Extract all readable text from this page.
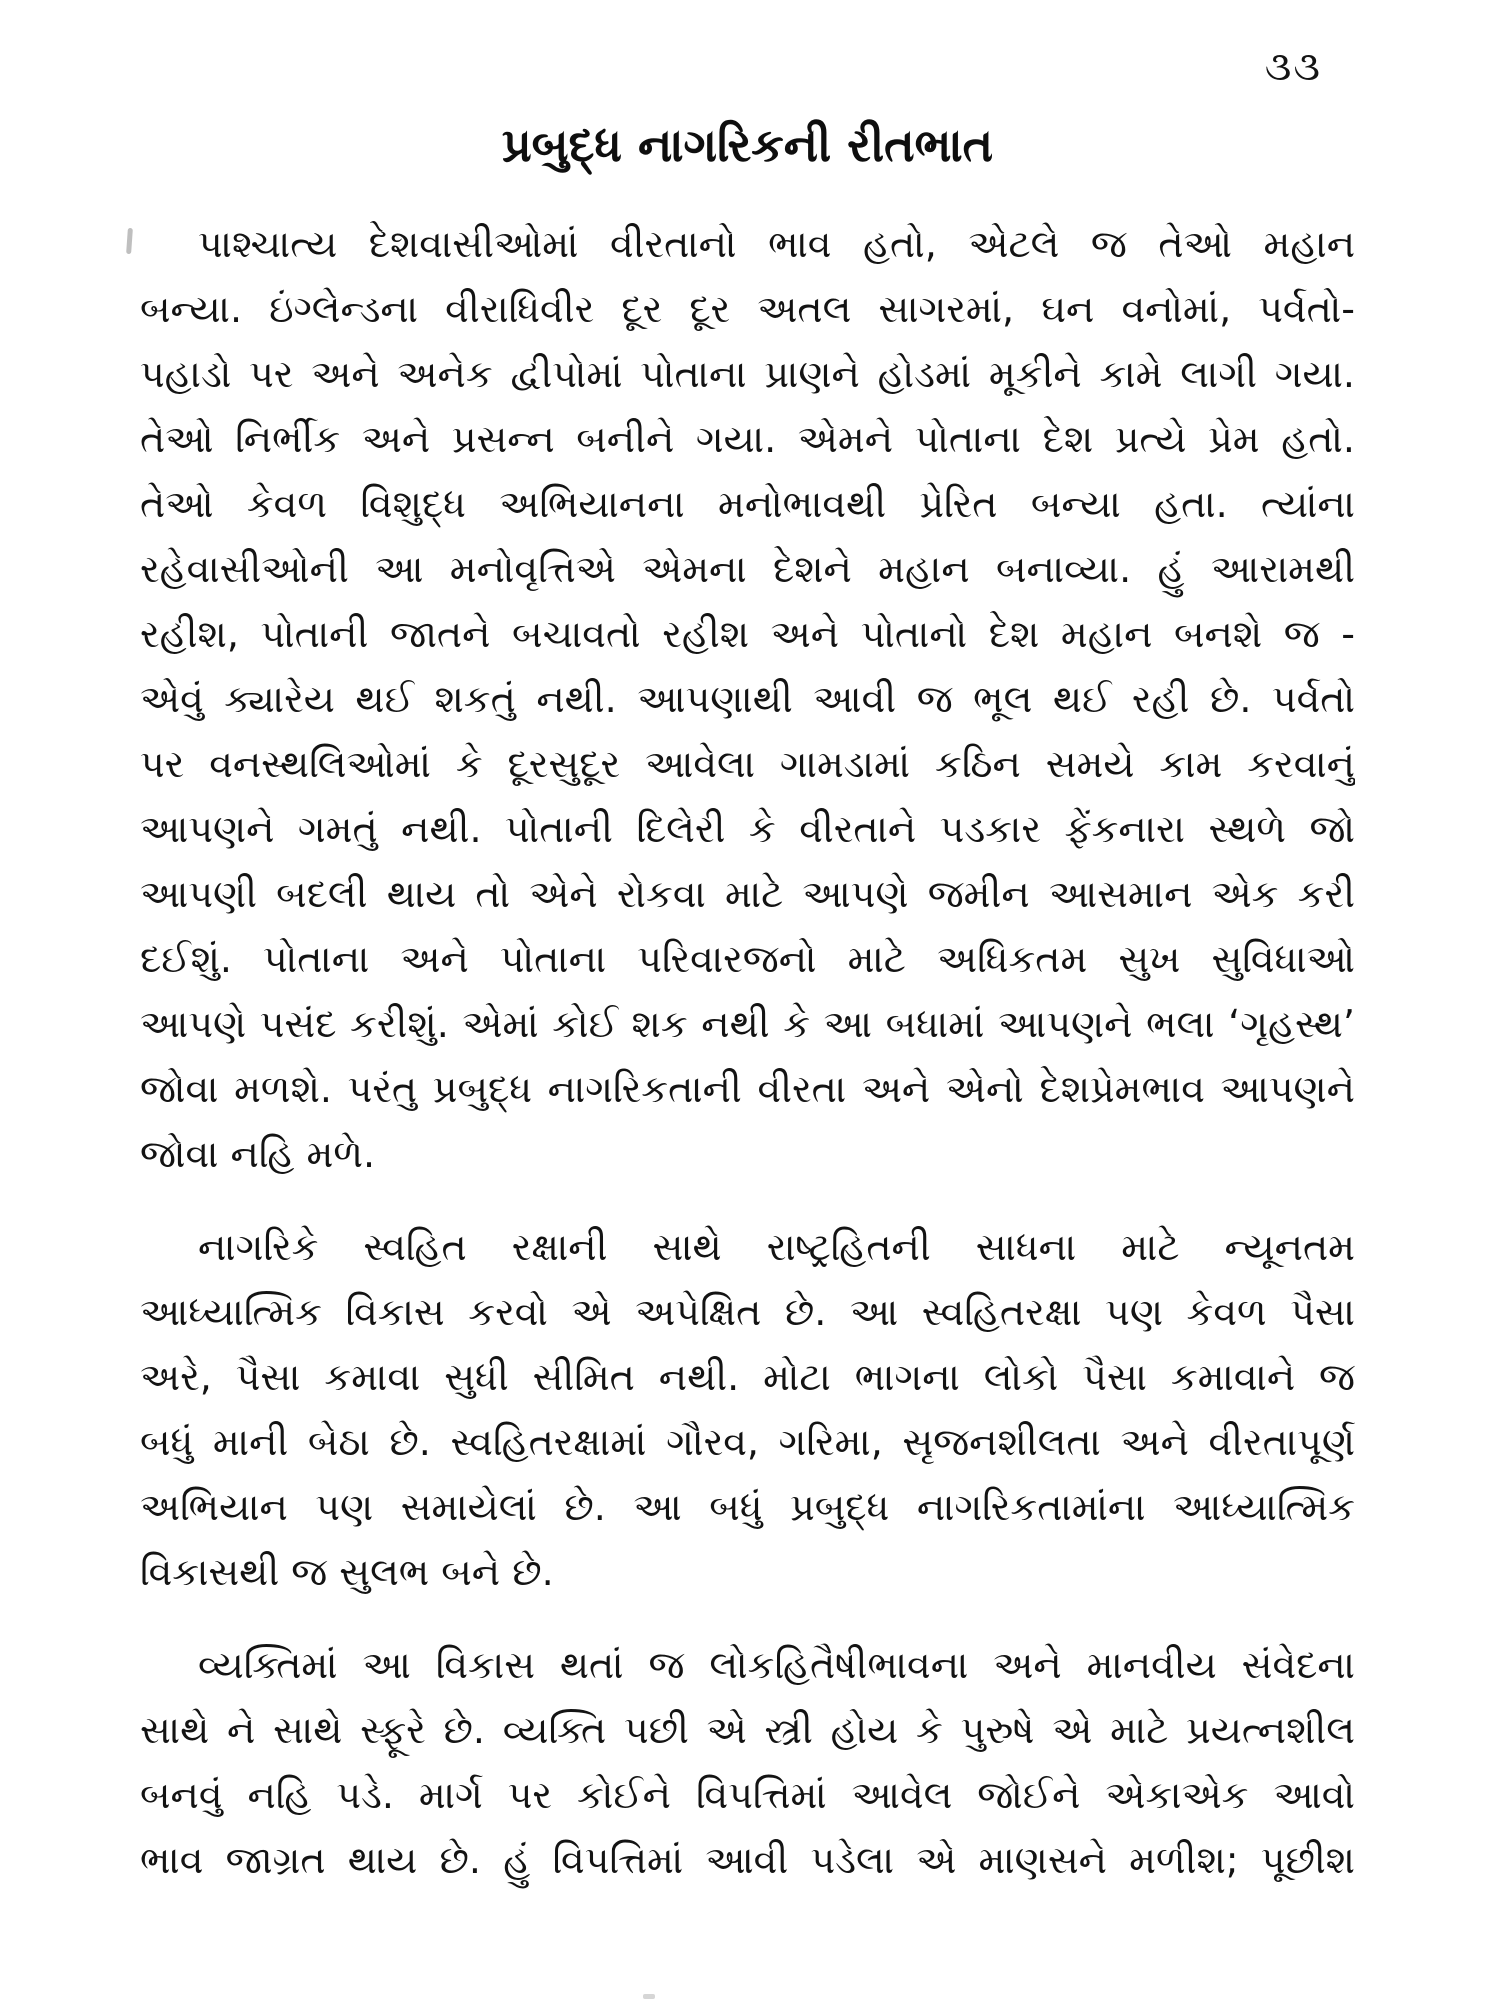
૩૩
પ્રબુદ્ધ નાગરિકની રીતભાત
પાશ્ચાત્ય દેશવાસીઓમાં વીરતાનો ભાવ હતો, એટલે જ તેઓ મહાન
બન્યા. ઇંગ્લેન્ડના વીરાધિવીર દૂર દૂર અતલ સાગરમાં, ઘન વનોમાં, પર્વતો-
પહાડો પર અને અનેક દ્વીપોમાં પોતાના પ્રાણને હોડમાં મૂકીને કામે લાગી ગયા.
તેઓ નિર્ભીક અને પ્રસન્ન બનીને ગયા. એમને પોતાના દેશ પ્રત્યે પ્રેમ હતો.
તેઓ કેવળ વિશુદ્ધ અભિયાનના મનોભાવથી પ્રેરિત બન્યા હતા. ત્યાંના
રહેવાસીઓની આ મનોવૃત્તિએ એમના દેશને મહાન બનાવ્યા. હું આરામથી
રહીશ, પોતાની જાતને બચાવતો રહીશ અને પોતાનો દેશ મહાન બનશે જ -
એવું ક્યારેય થઈ શકતું નથી. આપણાથી આવી જ ભૂલ થઈ રહી છે. પર્વતો
પર વનસ્થલિઓમાં કે દૂરસુદૂર આવેલા ગામડામાં કઠિન સમયે કામ કરવાનું
આપણને ગમતું નથી. પોતાની દિલેરી કે વીરતાને પડકાર ફેંકનારા સ્થળે જો
આપણી બદલી થાય તો એને રોકવા માટે આપણે જમીન આસમાન એક કરી
દઈશું. પોતાના અને પોતાના પરિવારજનો માટે અધિકતમ સુખ સુવિધાઓ
આપણે પસંદ કરીશું. એમાં કોઈ શક નથી કે આ બધામાં આપણને ભલા ‘ગૃહસ્થ’
જોવા મળશે. પરંતુ પ્રબુદ્ધ નાગરિકતાની વીરતા અને એનો દેશપ્રેમભાવ આપણને
જોવા નહિ મળે.
નાગરિકે સ્વહિત રક્ષાની સાથે રાષ્ટ્રહિતની સાધના માટે ન્યૂનતમ
આધ્યાત્મિક વિકાસ કરવો એ અપેક્ષિત છે. આ સ્વહિતરક્ષા પણ કેવળ પૈસા
અરે, પૈસા કમાવા સુધી સીમિત નથી. મોટા ભાગના લોકો પૈસા કમાવાને જ
બધું માની બેઠા છે. સ્વહિતરક્ષામાં ગૌરવ, ગરિમા, સૃજનશીલતા અને વીરતાપૂર્ણ
અભિયાન પણ સમાયેલાં છે. આ બધું પ્રબુદ્ધ નાગરિકતામાંના આધ્યાત્મિક
વિકાસથી જ સુલભ બને છે.
વ્યક્તિમાં આ વિકાસ થતાં જ લોકહિતૈષીભાવના અને માનવીય સંવેદના
સાથે ને સાથે સ્ફૂરે છે. વ્યક્તિ પછી એ સ્ત્રી હોય કે પુરુષે એ માટે પ્રયત્નશીલ
બનવું નહિ પડે. માર્ગ પર કોઈને વિપત્તિમાં આવેલ જોઈને એકાએક આવો
ભાવ જાગ્રત થાય છે. હું વિપત્તિમાં આવી પડેલા એ માણસને મળીશ; પૂછીશ
